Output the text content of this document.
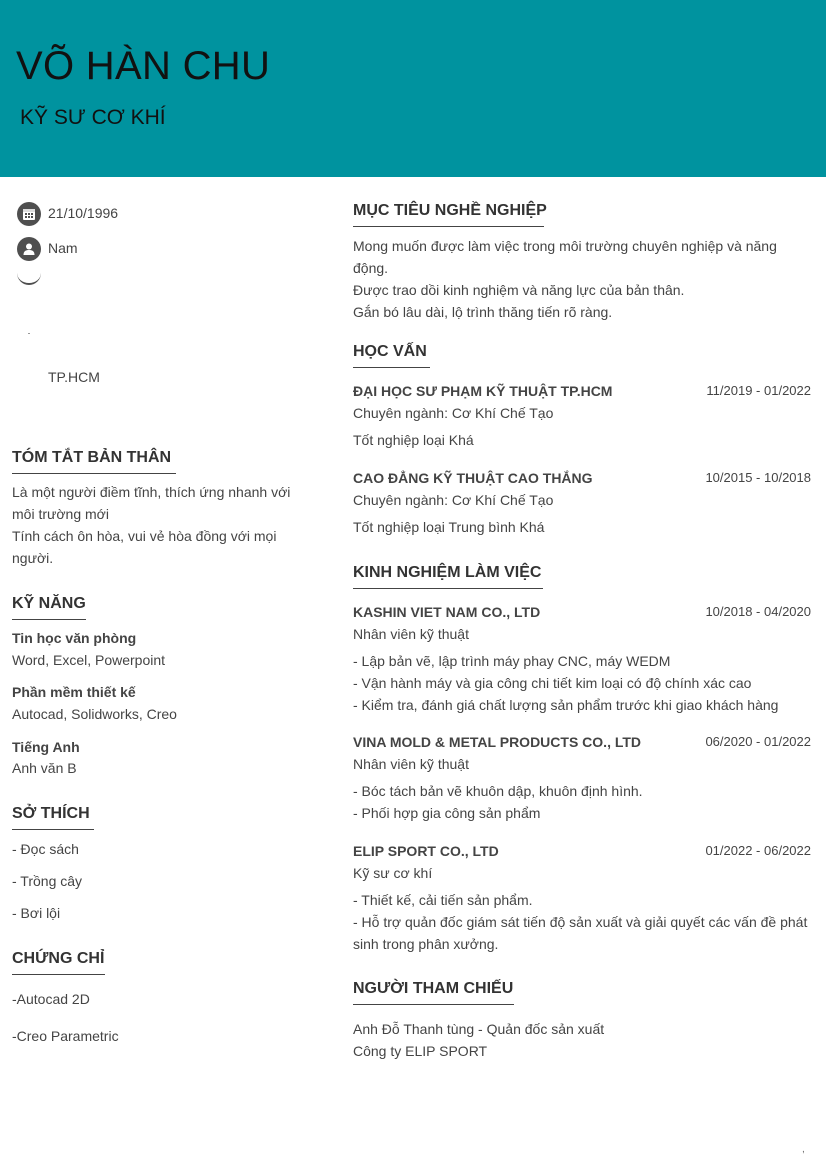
VÕ HÀN CHU
KỸ SƯ CƠ KHÍ
21/10/1996
Nam
TP.HCM
TÓM TẮT BẢN THÂN
Là một người điềm tĩnh, thích ứng nhanh với môi trường mới
Tính cách ôn hòa, vui vẻ hòa đồng với mọi người.
KỸ NĂNG
Tin học văn phòng
Word, Excel, Powerpoint
Phần mềm thiết kế
Autocad, Solidworks, Creo
Tiếng Anh
Anh văn B
SỞ THÍCH
- Đọc sách
- Trồng cây
- Bơi lội
CHỨNG CHỈ
-Autocad 2D
-Creo Parametric
MỤC TIÊU NGHỀ NGHIỆP
Mong muốn được làm việc trong môi trường chuyên nghiệp và năng động.
Được trao dồi kinh nghiệm và năng lực của bản thân.
Gắn bó lâu dài, lộ trình thăng tiến rõ ràng.
HỌC VẤN
ĐẠI HỌC SƯ PHẠM KỸ THUẬT TP.HCM	11/2019 - 01/2022
Chuyên ngành: Cơ Khí Chế Tạo
Tốt nghiệp loại Khá
CAO ĐẲNG KỸ THUẬT CAO THẮNG	10/2015 - 10/2018
Chuyên ngành: Cơ Khí Chế Tạo
Tốt nghiệp loại Trung bình Khá
KINH NGHIỆM LÀM VIỆC
KASHIN VIET NAM CO., LTD	10/2018 - 04/2020
Nhân viên kỹ thuật
- Lập bản vẽ, lập trình máy phay CNC, máy WEDM
- Vận hành máy và gia công chi tiết kim loại có độ chính xác cao
- Kiểm tra, đánh giá chất lượng sản phẩm trước khi giao khách hàng
VINA MOLD & METAL PRODUCTS CO., LTD	06/2020 - 01/2022
Nhân viên kỹ thuật
- Bóc tách bản vẽ khuôn dập, khuôn định hình.
- Phối hợp gia công sản phẩm
ELIP SPORT CO., LTD	01/2022 - 06/2022
Kỹ sư cơ khí
- Thiết kế, cải tiến sản phẩm.
- Hỗ trợ quản đốc giám sát tiến độ sản xuất và giải quyết các vấn đề phát sinh trong phân xưởng.
NGƯỜI THAM CHIẾU
Anh Đỗ Thanh tùng - Quản đốc sản xuất
Công ty ELIP SPORT
,
